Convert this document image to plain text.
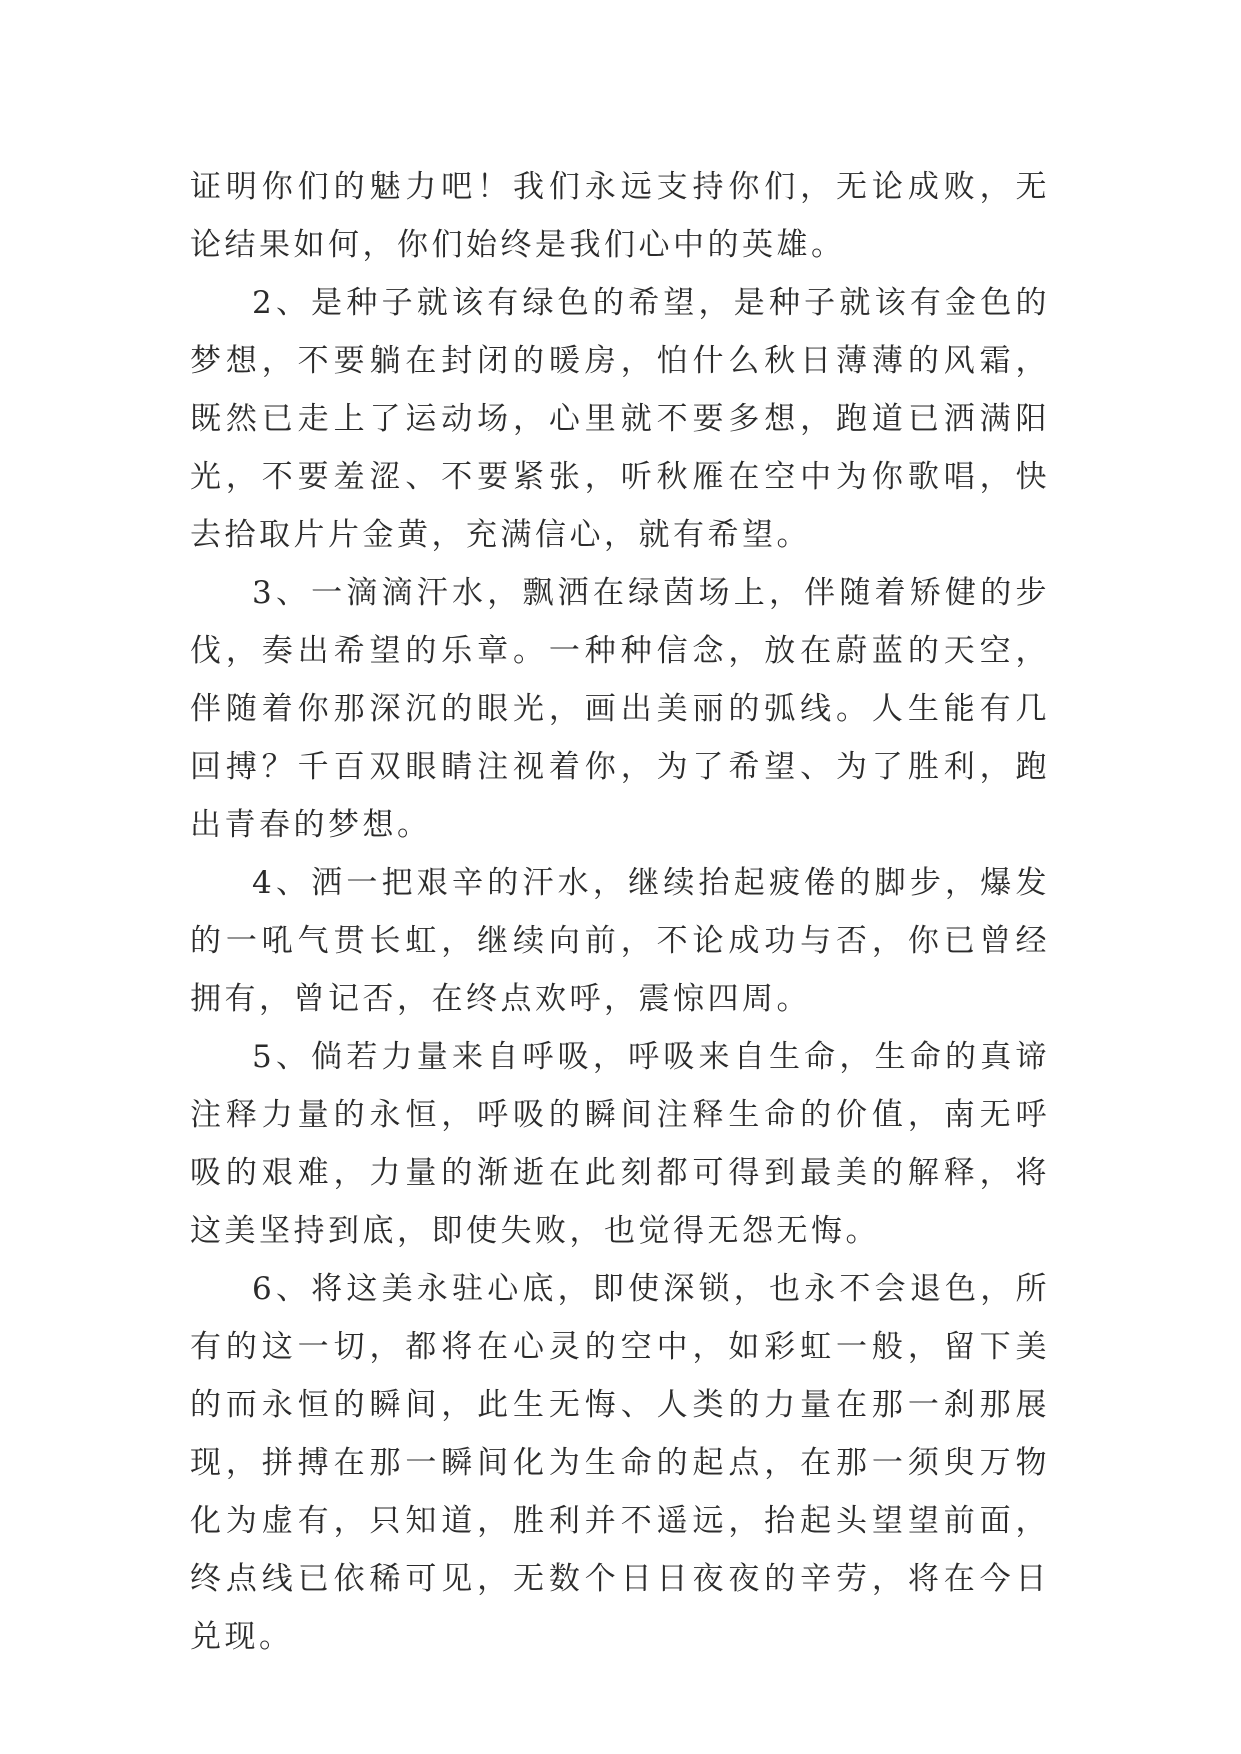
证明你们的魅力吧！我们永远支持你们，无论成败，无论结果如何，你们始终是我们心中的英雄。

2、是种子就该有绿色的希望，是种子就该有金色的梦想，不要躺在封闭的暖房，怕什么秋日薄薄的风霜，既然已走上了运动场，心里就不要多想，跑道已洒满阳光，不要羞涩、不要紧张，听秋雁在空中为你歌唱，快去拾取片片金黄，充满信心，就有希望。

3、一滴滴汗水，飘洒在绿茵场上，伴随着矫健的步伐，奏出希望的乐章。一种种信念，放在蔚蓝的天空，伴随着你那深沉的眼光，画出美丽的弧线。人生能有几回搏？千百双眼睛注视着你，为了希望、为了胜利，跑出青春的梦想。

4、洒一把艰辛的汗水，继续抬起疲倦的脚步，爆发的一吼气贯长虹，继续向前，不论成功与否，你已曾经拥有，曾记否，在终点欢呼，震惊四周。

5、倘若力量来自呼吸，呼吸来自生命，生命的真谛注释力量的永恒，呼吸的瞬间注释生命的价值，南无呼吸的艰难，力量的渐逝在此刻都可得到最美的解释，将这美坚持到底，即使失败，也觉得无怨无悔。

6、将这美永驻心底，即使深锁，也永不会退色，所有的这一切，都将在心灵的空中，如彩虹一般，留下美的而永恒的瞬间，此生无悔、人类的力量在那一刹那展现，拼搏在那一瞬间化为生命的起点，在那一须臾万物化为虚有，只知道，胜利并不遥远，抬起头望望前面，终点线已依稀可见，无数个日日夜夜的辛劳，将在今日兑现。
